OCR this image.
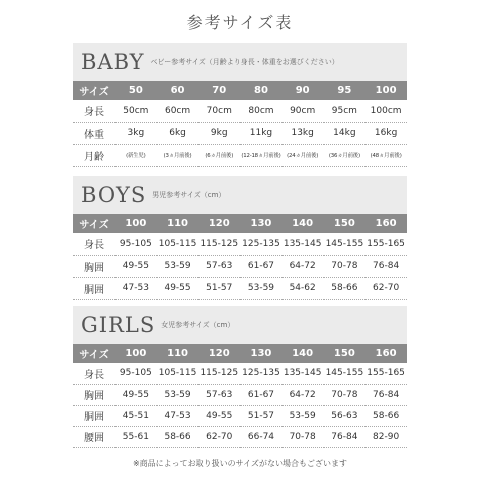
参考サイズ表
BABY ベビー参考サイズ（月齢より身長・体重をお選びください）
サイズ	50	60	70	80	90	95	100
身長	50cm	60cm	70cm	80cm	90cm	95cm	100cm
体重	3kg	6kg	9kg	11kg	13kg	14kg	16kg
月齢	(新生児)	(3ヵ月前後)	(6ヵ月前後)	(12-18ヵ月前後)	(24ヵ月前後)	(36ヵ月前後)	(48ヵ月前後)
BOYS 男児参考サイズ（cm）
サイズ	100	110	120	130	140	150	160
身長	95-105	105-115	115-125	125-135	135-145	145-155	155-165
胸囲	49-55	53-59	57-63	61-67	64-72	70-78	76-84
胴囲	47-53	49-55	51-57	53-59	54-62	58-66	62-70
GIRLS 女児参考サイズ（cm）
サイズ	100	110	120	130	140	150	160
身長	95-105	105-115	115-125	125-135	135-145	145-155	155-165
胸囲	49-55	53-59	57-63	61-67	64-72	70-78	76-84
胴囲	45-51	47-53	49-55	51-57	53-59	56-63	58-66
腰囲	55-61	58-66	62-70	66-74	70-78	76-84	82-90
※商品によってお取り扱いのサイズがない場合もございます
